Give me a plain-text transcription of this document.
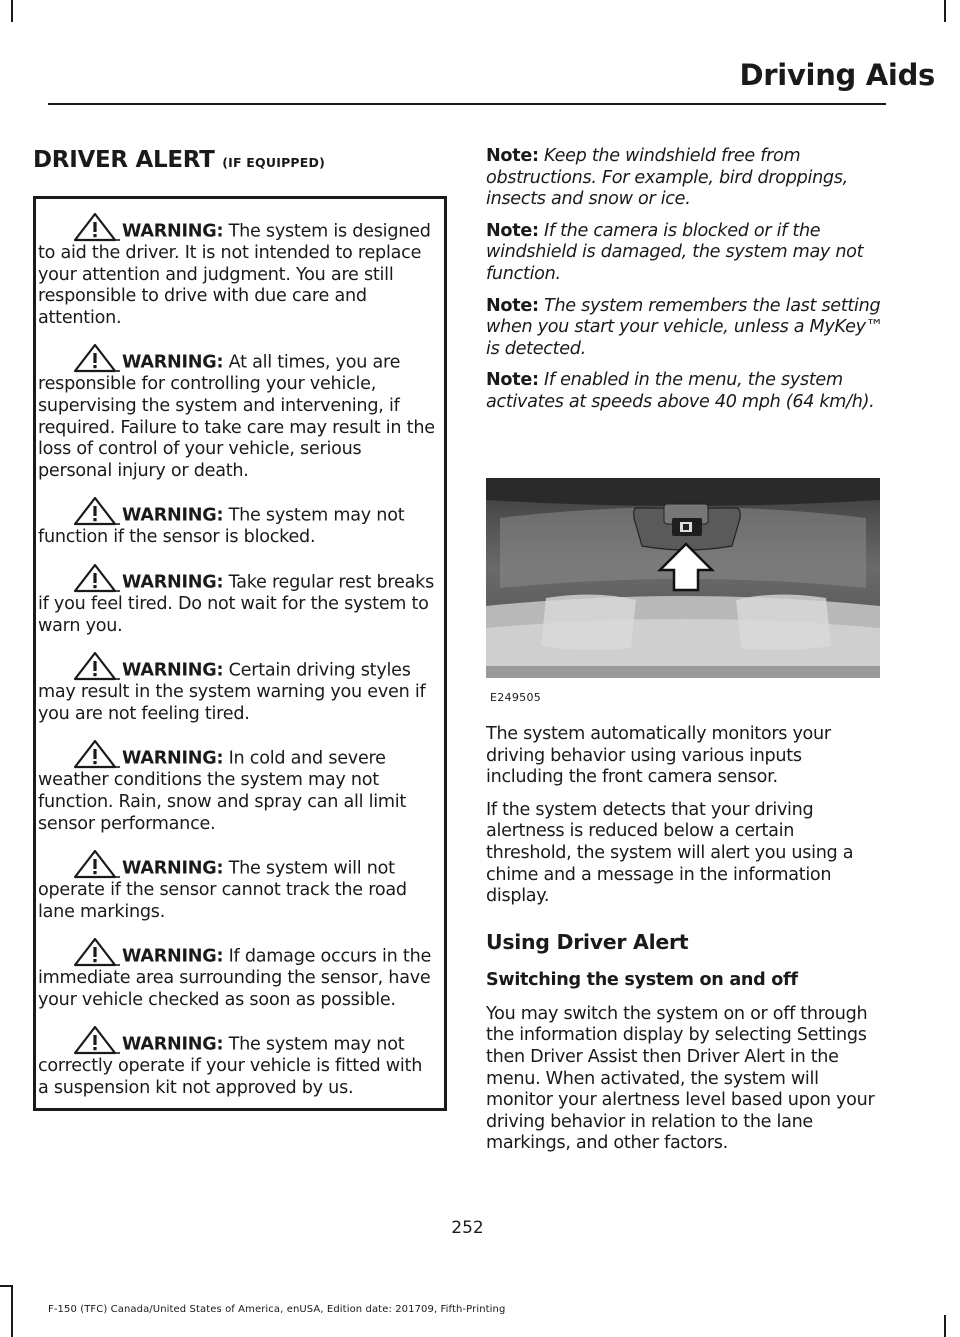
Driving Aids
DRIVER ALERT (IF EQUIPPED)

WARNING: The system is designed to aid the driver. It is not intended to replace your attention and judgment. You are still responsible to drive with due care and attention.

WARNING: At all times, you are responsible for controlling your vehicle, supervising the system and intervening, if required. Failure to take care may result in the loss of control of your vehicle, serious personal injury or death.

WARNING: The system may not function if the sensor is blocked.

WARNING: Take regular rest breaks if you feel tired. Do not wait for the system to warn you.

WARNING: Certain driving styles may result in the system warning you even if you are not feeling tired.

WARNING: In cold and severe weather conditions the system may not function. Rain, snow and spray can all limit sensor performance.

WARNING: The system will not operate if the sensor cannot track the road lane markings.

WARNING: If damage occurs in the immediate area surrounding the sensor, have your vehicle checked as soon as possible.

WARNING: The system may not correctly operate if your vehicle is fitted with a suspension kit not approved by us.

Note: Keep the windshield free from obstructions. For example, bird droppings, insects and snow or ice.

Note: If the camera is blocked or if the windshield is damaged, the system may not function.

Note: The system remembers the last setting when you start your vehicle, unless a MyKey™ is detected.

Note: If enabled in the menu, the system activates at speeds above 40 mph (64 km/h).

E249505

The system automatically monitors your driving behavior using various inputs including the front camera sensor.

If the system detects that your driving alertness is reduced below a certain threshold, the system will alert you using a chime and a message in the information display.

Using Driver Alert
Switching the system on and off

You may switch the system on or off through the information display by selecting Settings then Driver Assist then Driver Alert in the menu. When activated, the system will monitor your alertness level based upon your driving behavior in relation to the lane markings, and other factors.

252
F-150 (TFC) Canada/United States of America, enUSA, Edition date: 201709, Fifth-Printing
